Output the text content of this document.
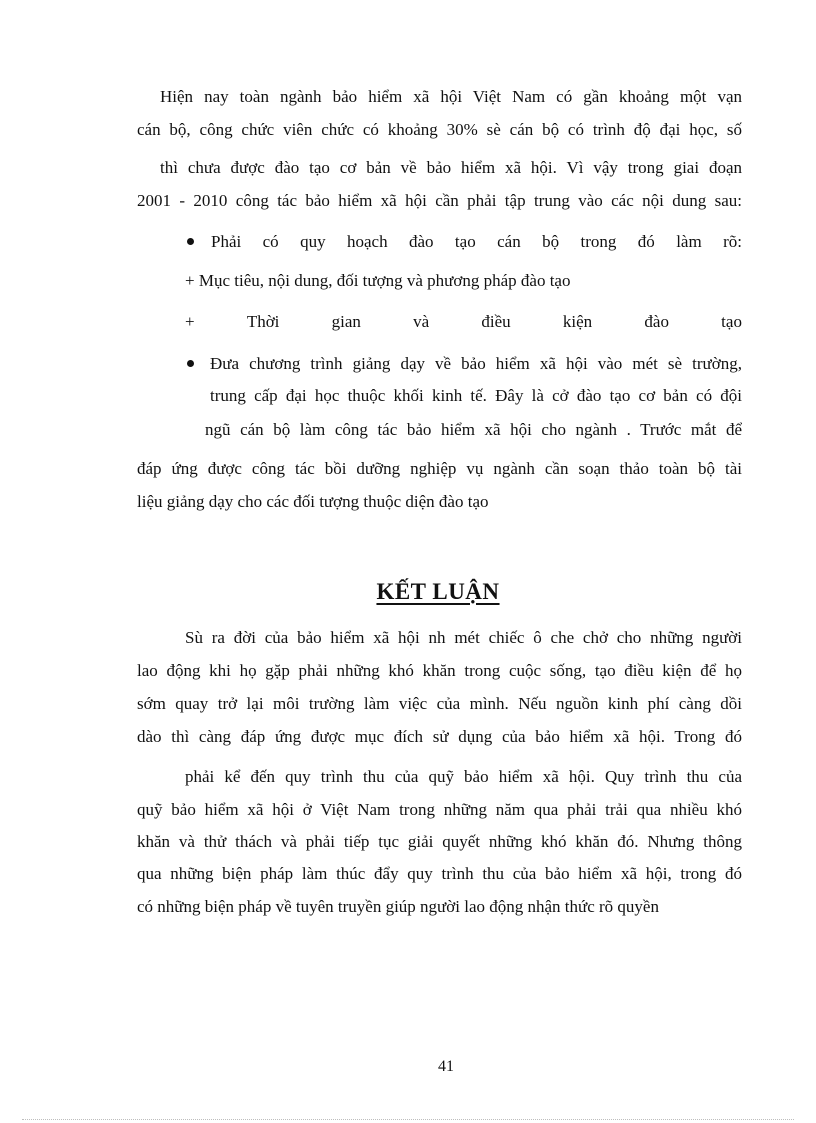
Hiện nay toàn ngành bảo hiểm xã hội Việt Nam có gần khoảng một vạn
cán bộ, công chức viên chức có khoảng 30% sè cán bộ có trình độ đại học, số
thì chưa được đào tạo cơ bản về bảo hiểm xã hội. Vì vậy trong giai đoạn
2001 - 2010 công tác bảo hiểm xã hội cần phải tập trung vào các nội dung sau:
Phải có quy hoạch đào tạo cán bộ trong đó làm rõ:
+ Mục tiêu, nội dung, đối tượng và phương pháp đào tạo
+	Thời	gian	và	điều	kiện	đào	tạo
Đưa chương trình giảng dạy về bảo hiểm xã hội vào mét sè trường,
trung cấp đại học thuộc khối kinh tế. Đây là cở đào tạo cơ bản có đội
ngũ cán bộ làm công tác bảo hiểm xã hội cho ngành . Trước mắt để
đáp ứng được công tác bồi dưỡng nghiệp vụ ngành cần soạn thảo toàn bộ tài
liệu giảng dạy cho các đối tượng thuộc diện đào tạo
KẾT LUẬN
Sù ra đời của bảo hiểm xã hội nh mét chiếc ô che chở cho những người
lao động khi họ gặp phải những khó khăn trong cuộc sống, tạo điều kiện để họ
sớm quay trở lại môi trường làm việc của mình. Nếu nguồn kinh phí càng dồi
dào thì càng đáp ứng được mục đích sử dụng của bảo hiểm xã hội. Trong đó
phải kể đến quy trình thu của quỹ bảo hiểm xã hội. Quy trình thu của
quỹ bảo hiểm xã hội ở Việt Nam trong những năm qua phải trải qua nhiều khó
khăn và thử thách và phải tiếp tục giải quyết những khó khăn đó. Nhưng thông
qua những biện pháp làm thúc đẩy quy trình thu của bảo hiểm xã hội, trong đó
có những biện pháp về tuyên truyền giúp người lao động nhận thức rõ quyền
41
